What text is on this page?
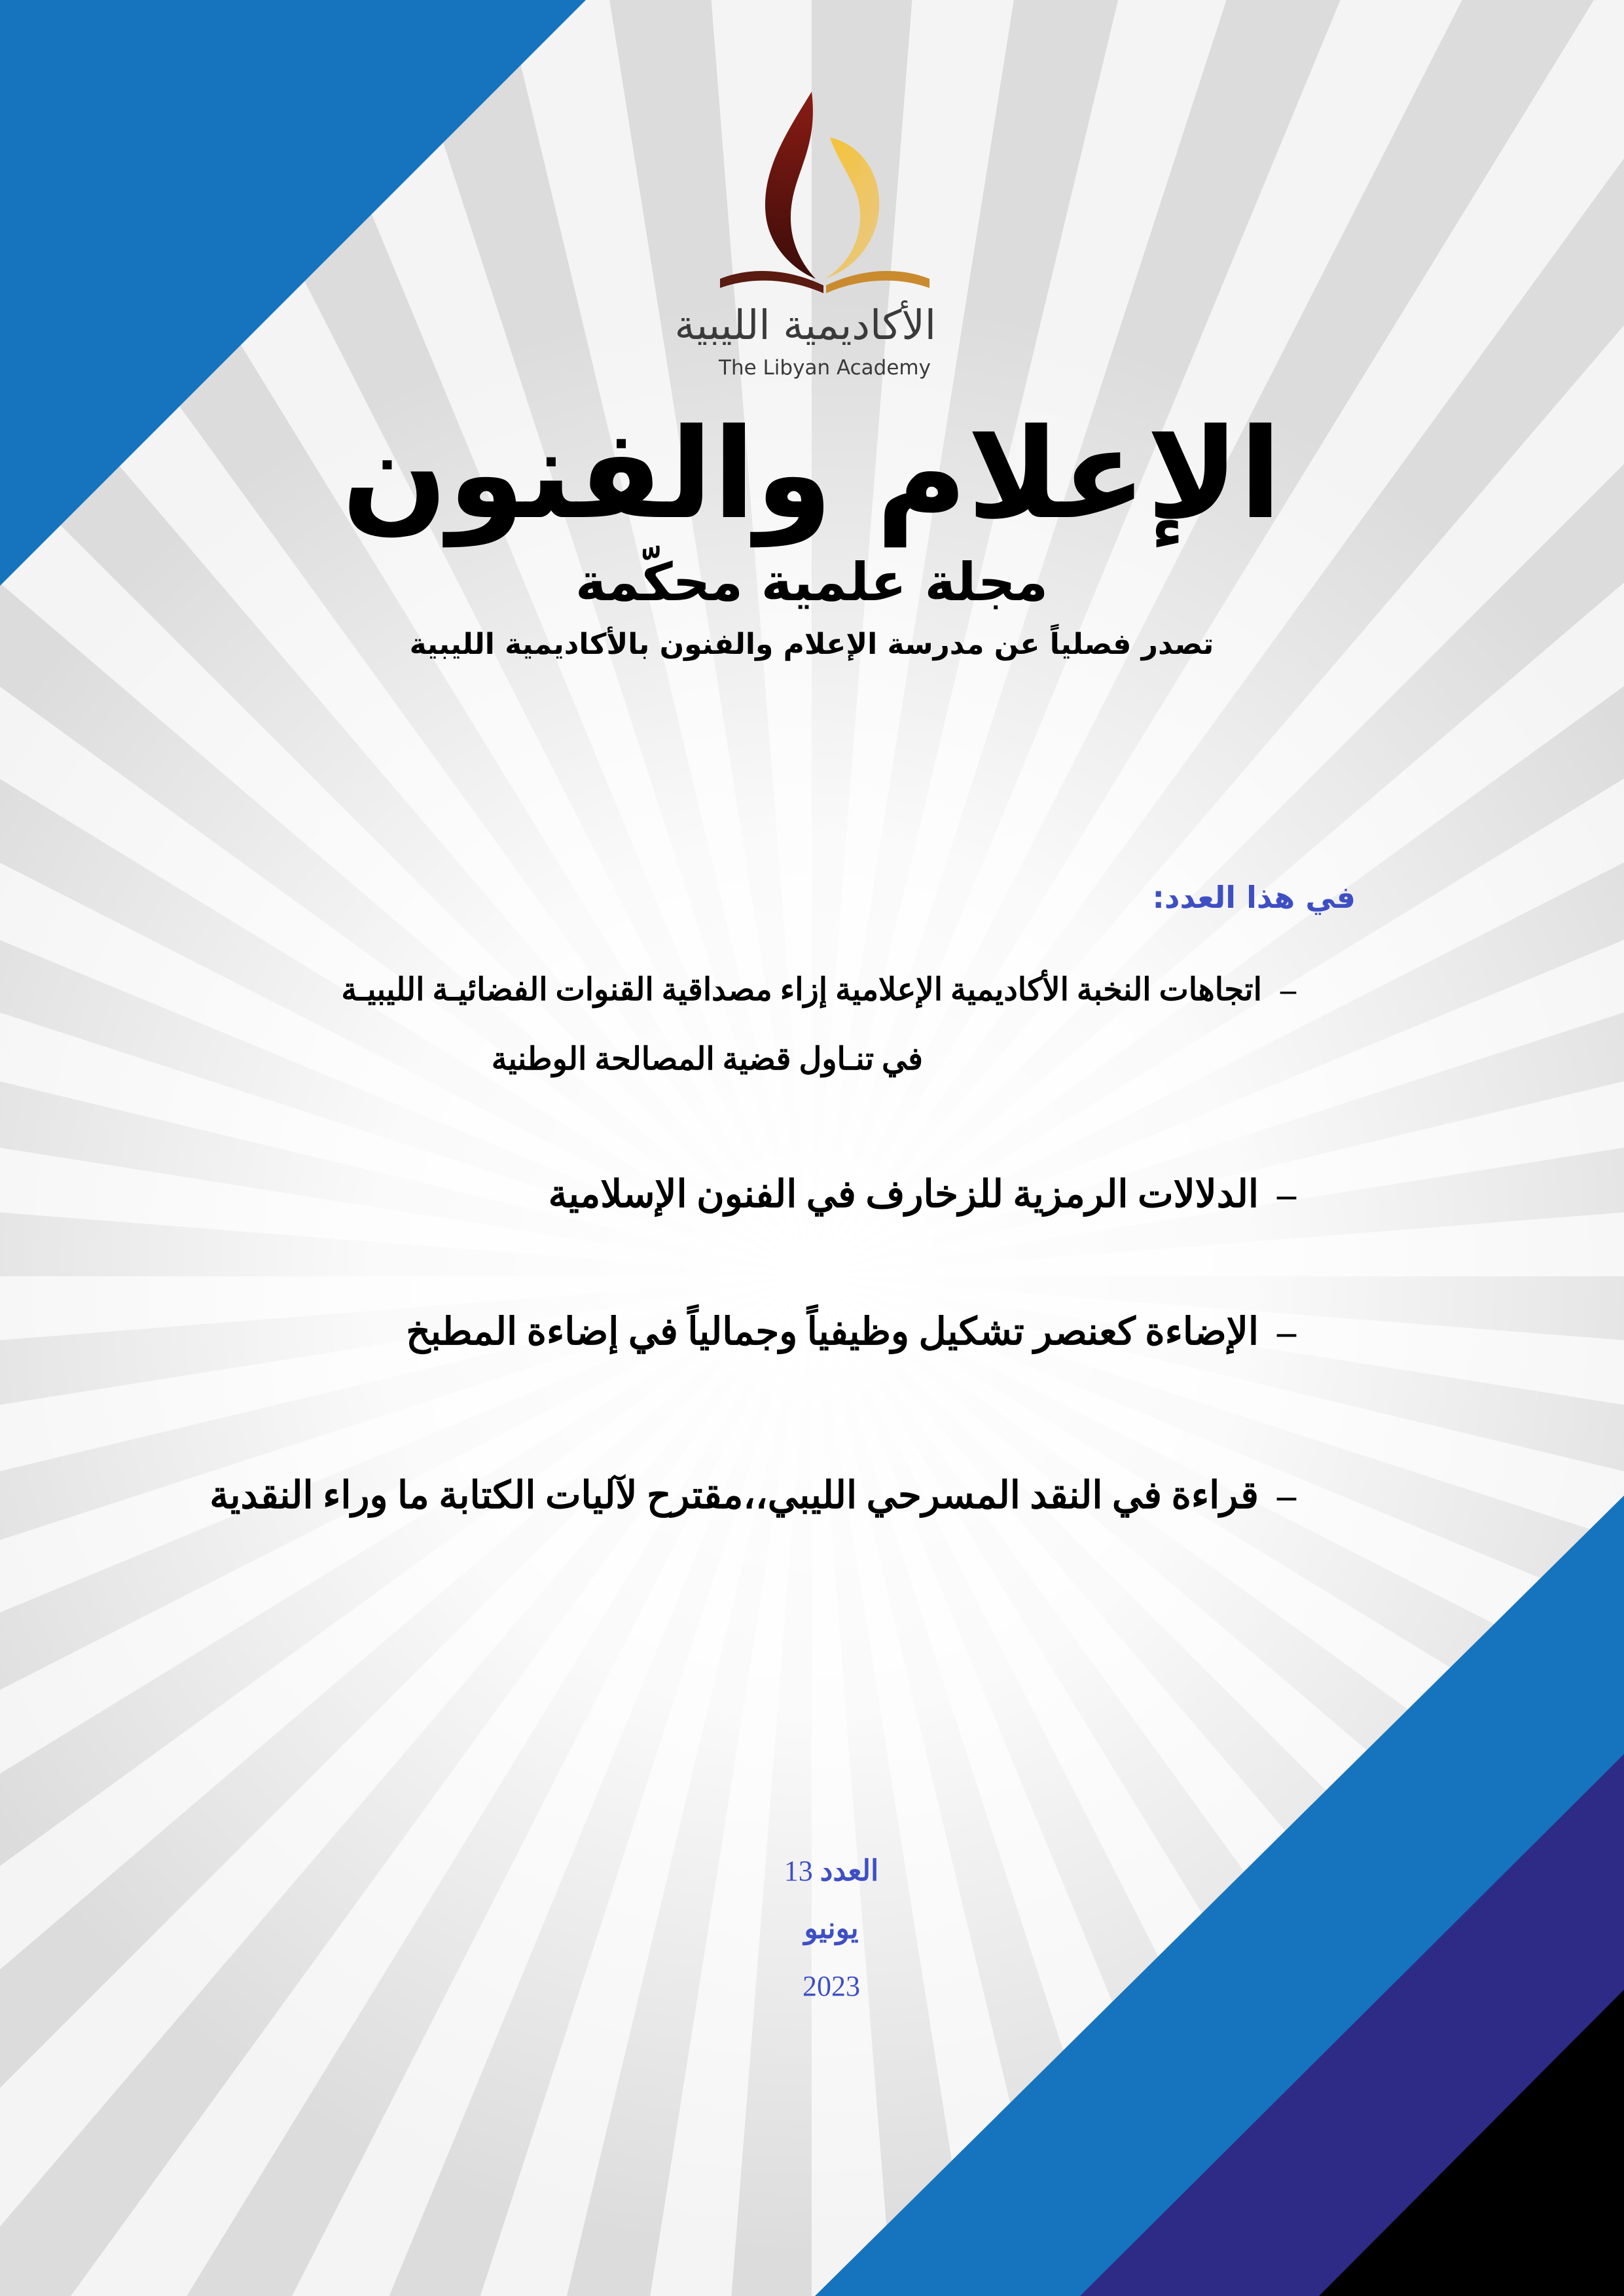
الأكاديمية الليبية
The Libyan Academy
الإعلام والفنون
مجلة علمية محكّمة
تصدر فصلياً عن مدرسة الإعلام والفنون بالأكاديمية الليبية
في هذا العدد:
–اتجاهات النخبة الأكاديمية الإعلامية إزاء مصداقية القنوات الفضائيـة الليبيـة
في تنـاول قضية المصالحة الوطنية
–الدلالات الرمزية للزخارف في الفنون الإسلامية
–الإضاءة كعنصر تشكيل وظيفياً وجمالياً في إضاءة المطبخ
–قراءة في النقد المسرحي الليبي،،مقترح لآليات الكتابة ما وراء النقدية
العدد 13
يونيو
2023
